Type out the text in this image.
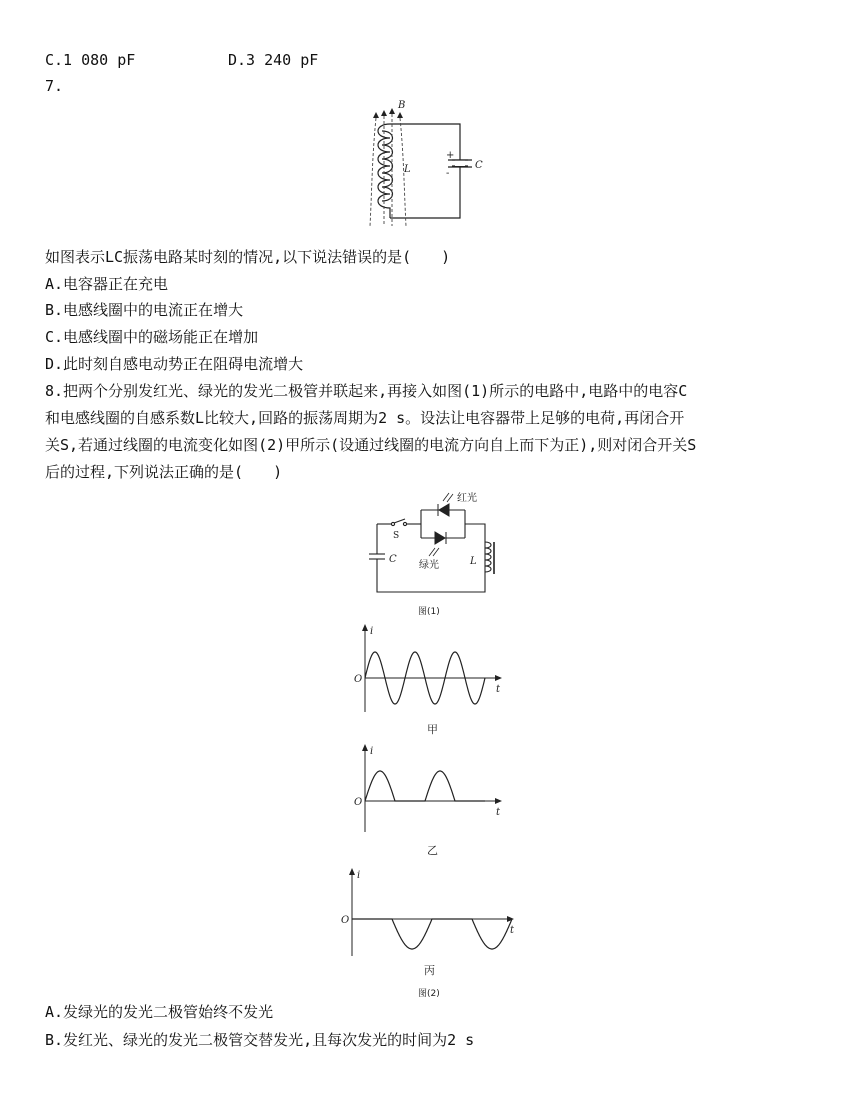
C.1 080 pF	D.3 240 pF
7.
B
L	C
+
-
如图表示LC振荡电路某时刻的情况,以下说法错误的是(　　)
A.电容器正在充电
B.电感线圈中的电流正在增大
C.电感线圈中的磁场能正在增加
D.此时刻自感电动势正在阻碍电流增大
8.把两个分别发红光、绿光的发光二极管并联起来,再接入如图(1)所示的电路中,电路中的电容C
和电感线圈的自感系数L比较大,回路的振荡周期为2 s。设法让电容器带上足够的电荷,再闭合开
关S,若通过线圈的电流变化如图(2)甲所示(设通过线圈的电流方向自上而下为正),则对闭合开关S
后的过程,下列说法正确的是(　　)
红光
绿光
S
C	L
图(1)
i
O
t
甲
i
O
t
乙
i
O
t
丙
图(2)
A.发绿光的发光二极管始终不发光
B.发红光、绿光的发光二极管交替发光,且每次发光的时间为2 s
